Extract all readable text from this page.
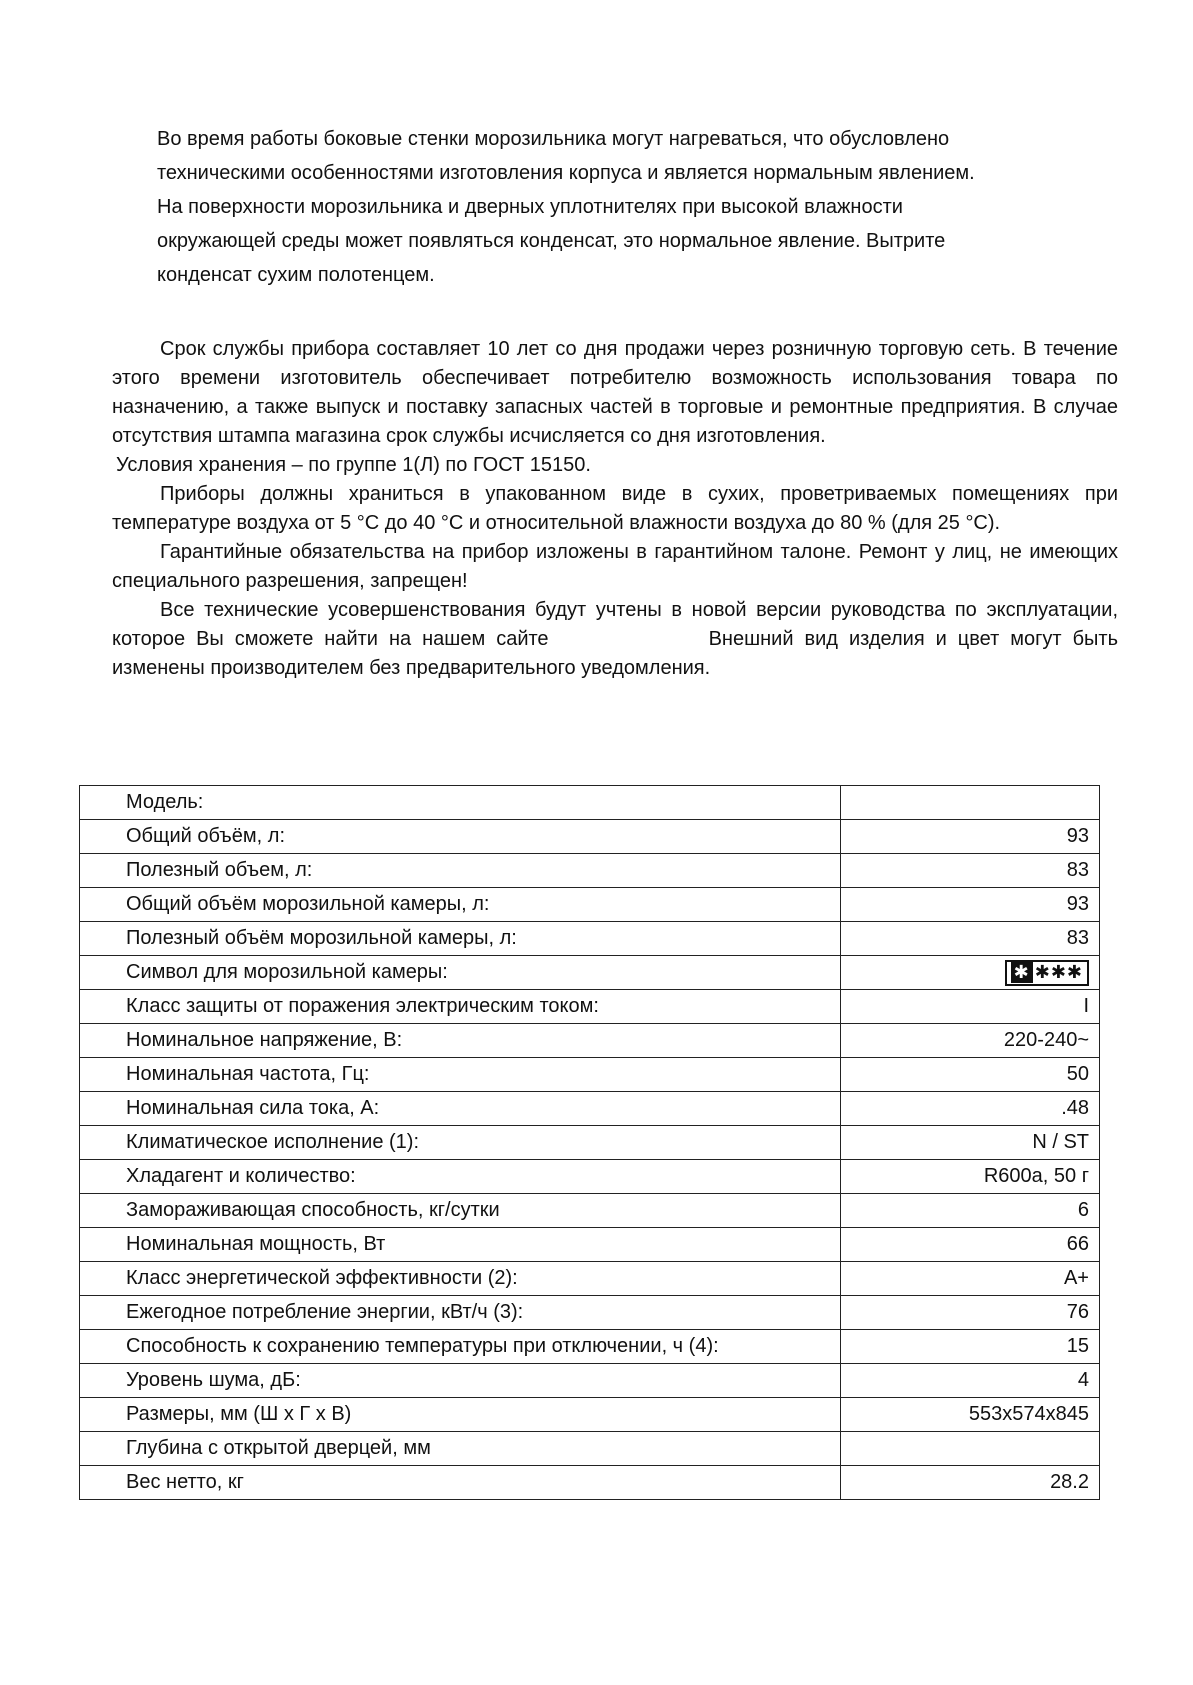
Во время работы боковые стенки морозильника могут нагреваться, что обусловлено

техническими особенностями изготовления корпуса и является нормальным явлением.

На поверхности морозильника и дверных уплотнителях при высокой влажности

окружающей среды может появляться конденсат, это нормальное явление. Вытрите

конденсат сухим полотенцем.

Срок службы прибора составляет 10 лет со дня продажи через розничную торговую сеть. В течение этого времени изготовитель обеспечивает потребителю возможность использования товара по назначению, а также выпуск и поставку запасных частей в торговые и ремонтные предприятия. В случае отсутствия штампа магазина срок службы исчисляется со дня изготовления.

Условия хранения – по группе 1(Л) по ГОСТ 15150.

Приборы должны храниться в упакованном виде в сухих, проветриваемых помещениях при температуре воздуха от 5 °С до 40 °С и относительной влажности воздуха до 80 % (для 25 °С).

Гарантийные обязательства на прибор изложены в гарантийном талоне. Ремонт у лиц, не имеющих специального разрешения, запрещен!

Все технические усовершенствования будут учтены в новой версии руководства по эксплуатации, которое Вы сможете найти на нашем сайте	Внешний вид изделия и цвет могут быть изменены производителем без предварительного уведомления.

Модель:	
Общий объём, л:	93
Полезный объем, л:	83
Общий объём морозильной камеры, л:	93
Полезный объём морозильной камеры, л:	83
Символ для морозильной камеры:	✱ ✱✱✱
Класс защиты от поражения электрическим током:	I
Номинальное напряжение, В:	220-240~
Номинальная частота, Гц:	50
Номинальная сила тока, А:	.48
Климатическое исполнение (1):	N / ST
Хладагент и количество:	R600a, 50 г
Замораживающая способность, кг/сутки	6
Номинальная мощность, Вт	66
Класс энергетической эффективности (2):	A+
Ежегодное потребление энергии, кВт/ч (3):	76
Способность к сохранению температуры при отключении, ч (4):	15
Уровень шума, дБ:	4
Размеры, мм (Ш х Г х В)	553х574х845
Глубина с открытой дверцей, мм	
Вес нетто, кг	28.2
